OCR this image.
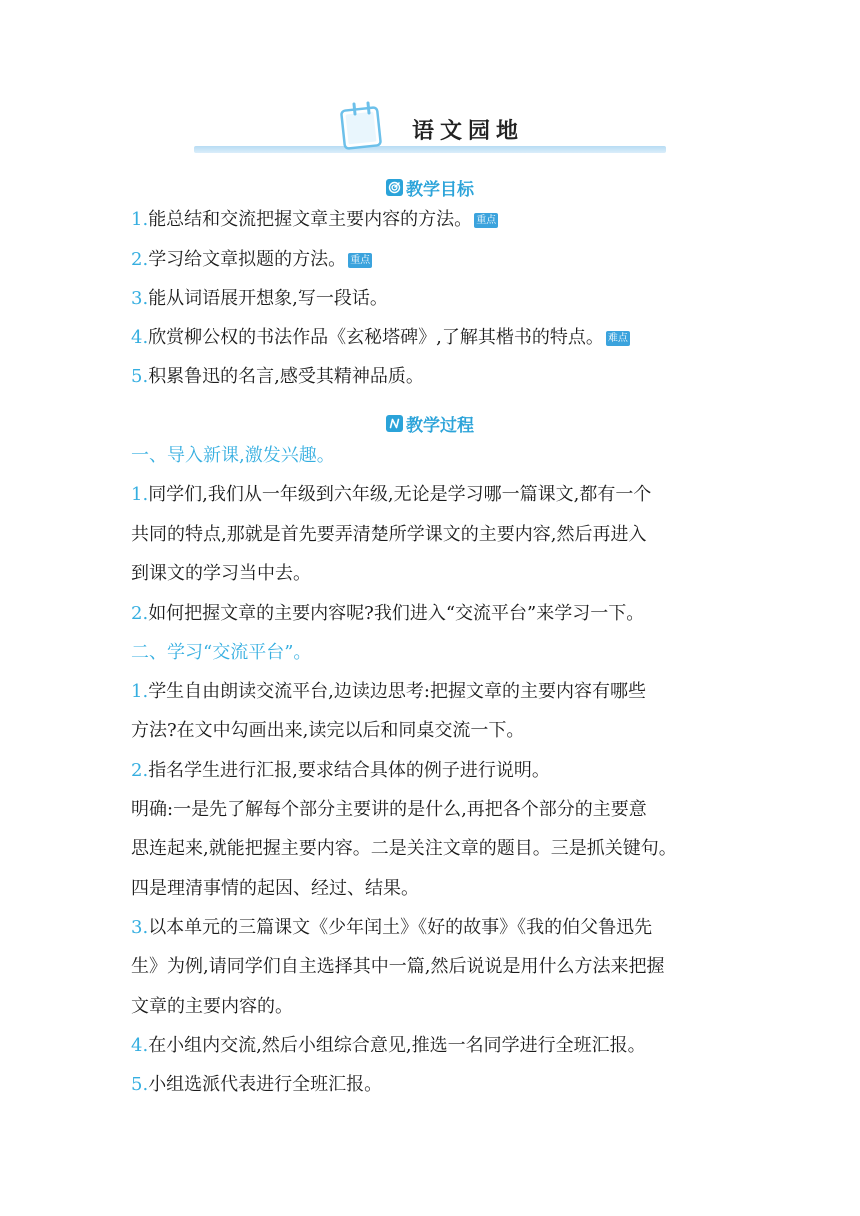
语文园地
教学目标
1.能总结和交流把握文章主要内容的方法。 重点
2.学习给文章拟题的方法。 重点
3.能从词语展开想象,写一段话。
4.欣赏柳公权的书法作品《玄秘塔碑》,了解其楷书的特点。 难点
5.积累鲁迅的名言,感受其精神品质。
教学过程
一、导入新课,激发兴趣。
1.同学们,我们从一年级到六年级,无论是学习哪一篇课文,都有一个
共同的特点,那就是首先要弄清楚所学课文的主要内容,然后再进入
到课文的学习当中去。
2.如何把握文章的主要内容呢?我们进入“交流平台”来学习一下。
二、学习“交流平台”。
1.学生自由朗读交流平台,边读边思考:把握文章的主要内容有哪些
方法?在文中勾画出来,读完以后和同桌交流一下。
2.指名学生进行汇报,要求结合具体的例子进行说明。
明确:一是先了解每个部分主要讲的是什么,再把各个部分的主要意
思连起来,就能把握主要内容。二是关注文章的题目。三是抓关键句。
四是理清事情的起因、经过、结果。
3.以本单元的三篇课文《少年闰土》《好的故事》《我的伯父鲁迅先
生》为例,请同学们自主选择其中一篇,然后说说是用什么方法来把握
文章的主要内容的。
4.在小组内交流,然后小组综合意见,推选一名同学进行全班汇报。
5.小组选派代表进行全班汇报。
